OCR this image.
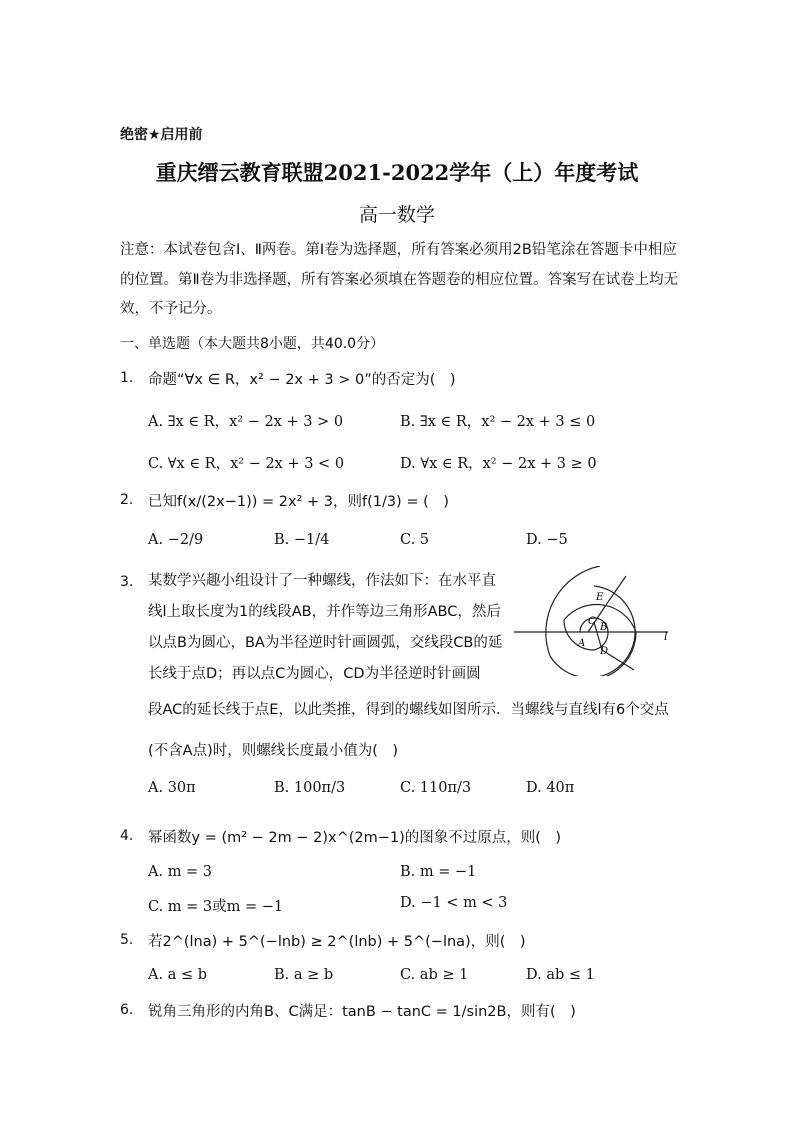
绝密★启用前
重庆缙云教育联盟2021-2022学年（上）年度考试
高一数学
注意：本试卷包含Ⅰ、Ⅱ两卷。第Ⅰ卷为选择题，所有答案必须用2B铅笔涂在答题卡中相应的位置。第Ⅱ卷为非选择题，所有答案必须填在答题卷的相应位置。答案写在试卷上均无效，不予记分。
一、单选题（本大题共8小题，共40.0分）
1. 命题“∀x ∈ R，x² − 2x + 3 > 0”的否定为(　)
A. ∃x ∈ R，x² − 2x + 3 > 0	B. ∃x ∈ R，x² − 2x + 3 ≤ 0
C. ∀x ∈ R，x² − 2x + 3 < 0	D. ∀x ∈ R，x² − 2x + 3 ≥ 0
2. 已知f(x/(2x−1)) = 2x² + 3，则f(1/3) = (　)
A. −2/9	B. −1/4	C. 5	D. −5
3. 某数学兴趣小组设计了一种螺线，作法如下：在水平直线l上取长度为1的线段AB，并作等边三角形ABC，然后以点B为圆心，BA为半径逆时针画圆弧，交线段CB的延长线于点D；再以点C为圆心，CD为半径逆时针画圆
E
C
B
A
D
l
A. 30π	B. 100π/3	C. 110π/3	D. 40π
4. 幂函数y = (m² − 2m − 2)x^(2m−1)的图象不过原点，则(　)
A. m = 3	B. m = −1
C. m = 3或m = −1	D. −1 < m < 3
5. 若2^(lna) + 5^(−lnb) ≥ 2^(lnb) + 5^(−lna)，则(　)
A. a ≤ b	B. a ≥ b	C. ab ≥ 1	D. ab ≤ 1
6. 锐角三角形的内角B、C满足：tanB − tanC = 1/sin2B，则有(　)
段AC的延长线于点E，以此类推，得到的螺线如图所示．当螺线与直线l有6个交点(不含A点)时，则螺线长度最小值为(　)
